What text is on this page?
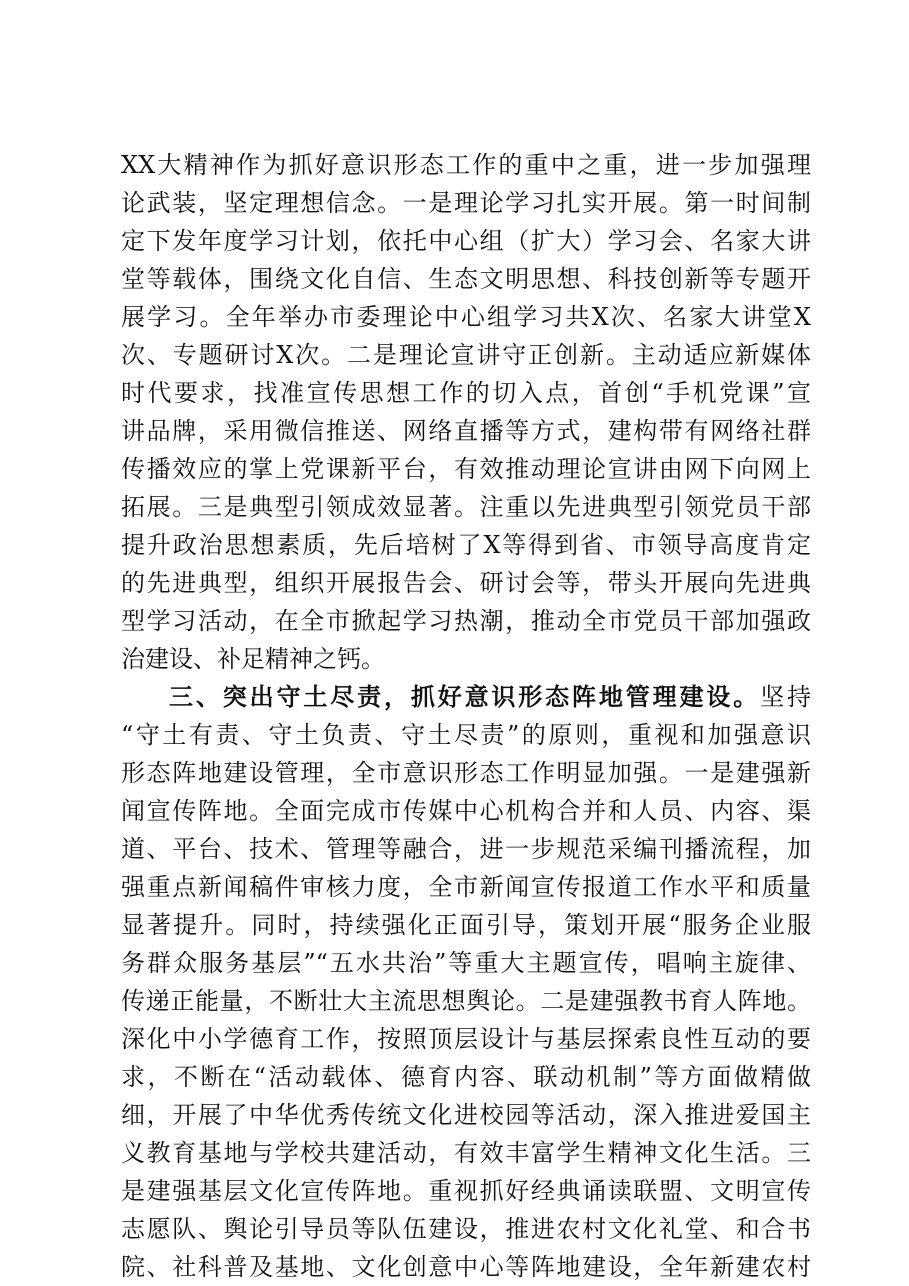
XX大精神作为抓好意识形态工作的重中之重，进一步加强理
论武装，坚定理想信念。一是理论学习扎实开展。第一时间制
定下发年度学习计划，依托中心组（扩大）学习会、名家大讲
堂等载体，围绕文化自信、生态文明思想、科技创新等专题开
展学习。全年举办市委理论中心组学习共X次、名家大讲堂X
次、专题研讨X次。二是理论宣讲守正创新。主动适应新媒体
时代要求，找准宣传思想工作的切入点，首创“手机党课”宣
讲品牌，采用微信推送、网络直播等方式，建构带有网络社群
传播效应的掌上党课新平台，有效推动理论宣讲由网下向网上
拓展。三是典型引领成效显著。注重以先进典型引领党员干部
提升政治思想素质，先后培树了X等得到省、市领导高度肯定
的先进典型，组织开展报告会、研讨会等，带头开展向先进典
型学习活动，在全市掀起学习热潮，推动全市党员干部加强政
治建设、补足精神之钙。
三、突出守土尽责，抓好意识形态阵地管理建设。坚持
“守土有责、守土负责、守土尽责”的原则，重视和加强意识
形态阵地建设管理，全市意识形态工作明显加强。一是建强新
闻宣传阵地。全面完成市传媒中心机构合并和人员、内容、渠
道、平台、技术、管理等融合，进一步规范采编刊播流程，加
强重点新闻稿件审核力度，全市新闻宣传报道工作水平和质量
显著提升。同时，持续强化正面引导，策划开展“服务企业服
务群众服务基层”“五水共治”等重大主题宣传，唱响主旋律、
传递正能量，不断壮大主流思想舆论。二是建强教书育人阵地。
深化中小学德育工作，按照顶层设计与基层探索良性互动的要
求，不断在“活动载体、德育内容、联动机制”等方面做精做
细，开展了中华优秀传统文化进校园等活动，深入推进爱国主
义教育基地与学校共建活动，有效丰富学生精神文化生活。三
是建强基层文化宣传阵地。重视抓好经典诵读联盟、文明宣传
志愿队、舆论引导员等队伍建设，推进农村文化礼堂、和合书
院、社科普及基地、文化创意中心等阵地建设，全年新建农村
